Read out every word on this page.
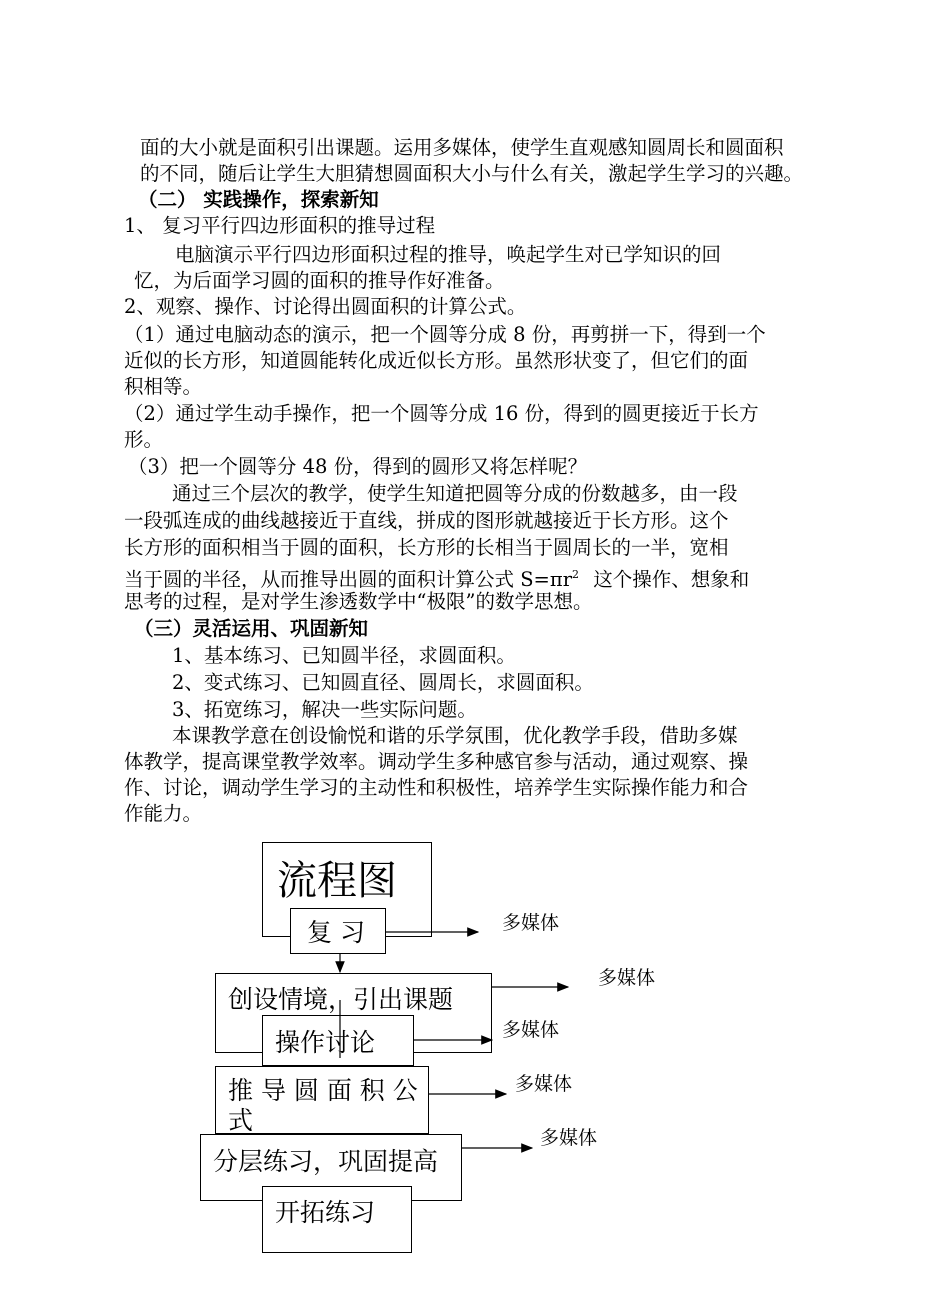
面的大小就是面积引出课题。运用多媒体，使学生直观感知圆周长和圆面积
的不同，随后让学生大胆猜想圆面积大小与什么有关，激起学生学习的兴趣。
（二） 实践操作，探索新知
1、 复习平行四边形面积的推导过程
电脑演示平行四边形面积过程的推导，唤起学生对已学知识的回
忆，为后面学习圆的面积的推导作好准备。
2、观察、操作、讨论得出圆面积的计算公式。
（1）通过电脑动态的演示，把一个圆等分成 8 份，再剪拼一下，得到一个
近似的长方形，知道圆能转化成近似长方形。虽然形状变了，但它们的面
积相等。
（2）通过学生动手操作，把一个圆等分成 16 份，得到的圆更接近于长方
形。
（3）把一个圆等分 48 份，得到的圆形又将怎样呢？
通过三个层次的教学，使学生知道把圆等分成的份数越多，由一段
一段弧连成的曲线越接近于直线，拼成的图形就越接近于长方形。这个
长方形的面积相当于圆的面积，长方形的长相当于圆周长的一半，宽相
当于圆的半径，从而推导出圆的面积计算公式 $S=\pi r^2$ 这个操作、想象和
思考的过程，是对学生渗透数学中“极限”的数学思想。
（三）灵活运用、巩固新知
1、基本练习、已知圆半径，求圆面积。
2、变式练习、已知圆直径、圆周长，求圆面积。
3、拓宽练习，解决一些实际问题。
本课教学意在创设愉悦和谐的乐学氛围，优化教学手段，借助多媒
体教学，提高课堂教学效率。调动学生多种感官参与活动，通过观察、操
作、讨论，调动学生学习的主动性和积极性，培养学生实际操作能力和合
作能力。
流程图
复 习
创设情境，引出课题
操作讨论
推 导 圆 面 积 公
式
分层练习，巩固提高
开拓练习
多媒体
多媒体
多媒体
多媒体
多媒体
